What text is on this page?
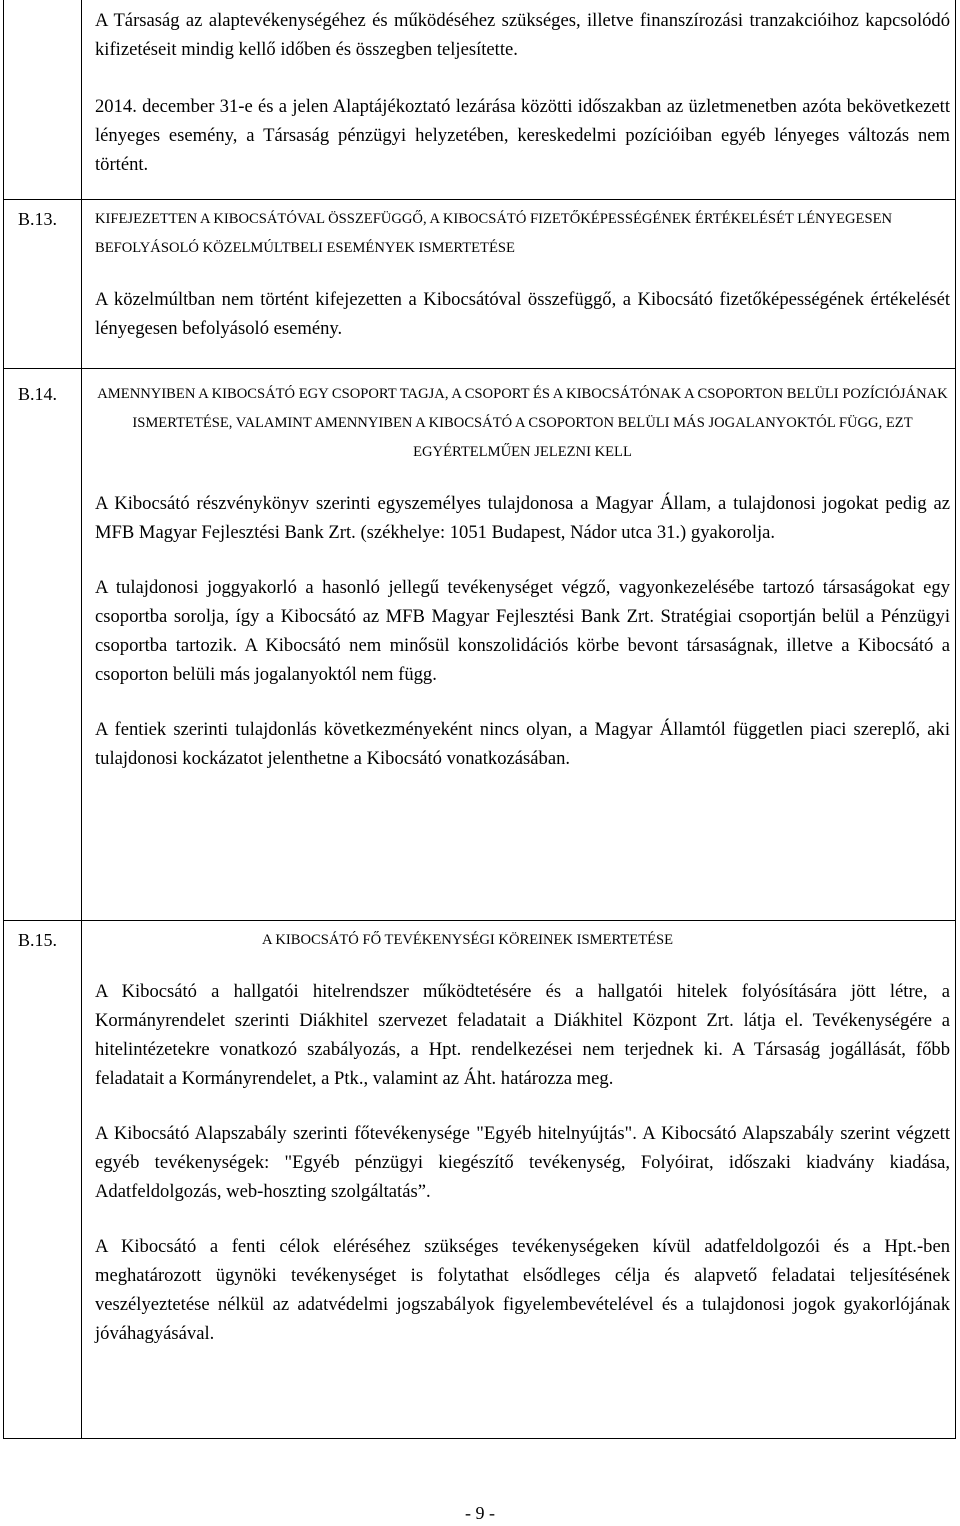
A Társaság az alaptevékenységéhez és működéséhez szükséges, illetve finanszírozási tranzakcióihoz kapcsolódó kifizetéseit mindig kellő időben és összegben teljesítette.

2014. december 31-e és a jelen Alaptájékoztató lezárása közötti időszakban az üzletmenetben azóta bekövetkezett lényeges esemény, a Társaság pénzügyi helyzetében, kereskedelmi pozícióiban egyéb lényeges változás nem történt.

B.13.	KIFEJEZETTEN A KIBOCSÁTÓVAL ÖSSZEFÜGGŐ, A KIBOCSÁTÓ FIZETŐKÉPESSÉGÉNEK ÉRTÉKELÉSÉT LÉNYEGESEN BEFOLYÁSOLÓ KÖZELMÚLTBELI ESEMÉNYEK ISMERTETÉSE

A közelmúltban nem történt kifejezetten a Kibocsátóval összefüggő, a Kibocsátó fizetőképességének értékelését lényegesen befolyásoló esemény.

B.14.	AMENNYIBEN A KIBOCSÁTÓ EGY CSOPORT TAGJA, A CSOPORT ÉS A KIBOCSÁTÓNAK A CSOPORTON BELÜLI POZÍCIÓJÁNAK ISMERTETÉSE, VALAMINT AMENNYIBEN A KIBOCSÁTÓ A CSOPORTON BELÜLI MÁS JOGALANYOKTÓL FÜGG, EZT EGYÉRTELMŰEN JELEZNI KELL

A Kibocsátó részvénykönyv szerinti egyszemélyes tulajdonosa a Magyar Állam, a tulajdonosi jogokat pedig az MFB Magyar Fejlesztési Bank Zrt. (székhelye: 1051 Budapest, Nádor utca 31.) gyakorolja.

A tulajdonosi joggyakorló a hasonló jellegű tevékenységet végző, vagyonkezelésébe tartozó társaságokat egy csoportba sorolja, így a Kibocsátó az MFB Magyar Fejlesztési Bank Zrt. Stratégiai csoportján belül a Pénzügyi csoportba tartozik. A Kibocsátó nem minősül konszolidációs körbe bevont társaságnak, illetve a Kibocsátó a csoporton belüli más jogalanyoktól nem függ.

A fentiek szerinti tulajdonlás következményeként nincs olyan, a Magyar Államtól független piaci szereplő, aki tulajdonosi kockázatot jelenthetne a Kibocsátó vonatkozásában.

B.15.	A KIBOCSÁTÓ FŐ TEVÉKENYSÉGI KÖREINEK ISMERTETÉSE

A Kibocsátó a hallgatói hitelrendszer működtetésére és a hallgatói hitelek folyósítására jött létre, a Kormányrendelet szerinti Diákhitel szervezet feladatait a Diákhitel Központ Zrt. látja el. Tevékenységére a hitelintézetekre vonatkozó szabályozás, a Hpt. rendelkezései nem terjednek ki. A Társaság jogállását, főbb feladatait a Kormányrendelet, a Ptk., valamint az Áht. határozza meg.

A Kibocsátó Alapszabály szerinti főtevékenysége "Egyéb hitelnyújtás". A Kibocsátó Alapszabály szerint végzett egyéb tevékenységek: "Egyéb pénzügyi kiegészítő tevékenység, Folyóirat, időszaki kiadvány kiadása, Adatfeldolgozás, web-hoszting szolgáltatás”.

A Kibocsátó a fenti célok eléréséhez szükséges tevékenységeken kívül adatfeldolgozói és a Hpt.-ben meghatározott ügynöki tevékenységet is folytathat elsődleges célja és alapvető feladatai teljesítésének veszélyeztetése nélkül az adatvédelmi jogszabályok figyelembevételével és a tulajdonosi jogok gyakorlójának jóváhagyásával.

- 9 -
